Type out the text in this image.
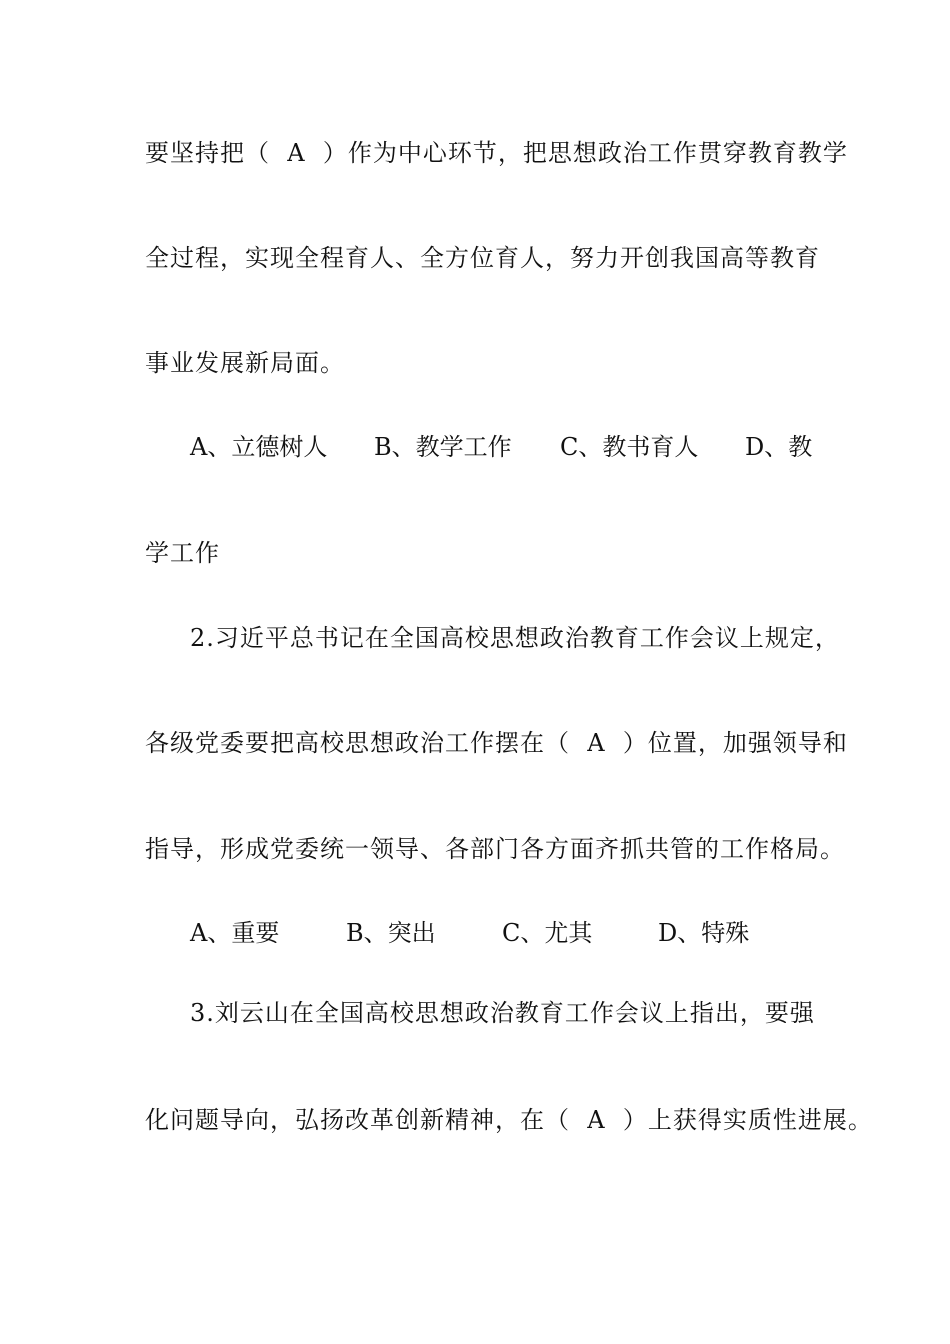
要坚持把（  A  ）作为中心环节，把思想政治工作贯穿教育教学
全过程，实现全程育人、全方位育人，努力开创我国高等教育
事业发展新局面。

A、立德树人

B、教学工作

C、教书育人

D、教

学工作
2.习近平总书记在全国高校思想政治教育工作会议上规定，
各级党委要把高校思想政治工作摆在（  A  ）位置，加强领导和
指导，形成党委统一领导、各部门各方面齐抓共管的工作格局。

A、重要

	B、突出

	C、尤其

	D、特殊

3.刘云山在全国高校思想政治教育工作会议上指出，要强
化问题导向，弘扬改革创新精神，在（  A  ）上获得实质性进展。
